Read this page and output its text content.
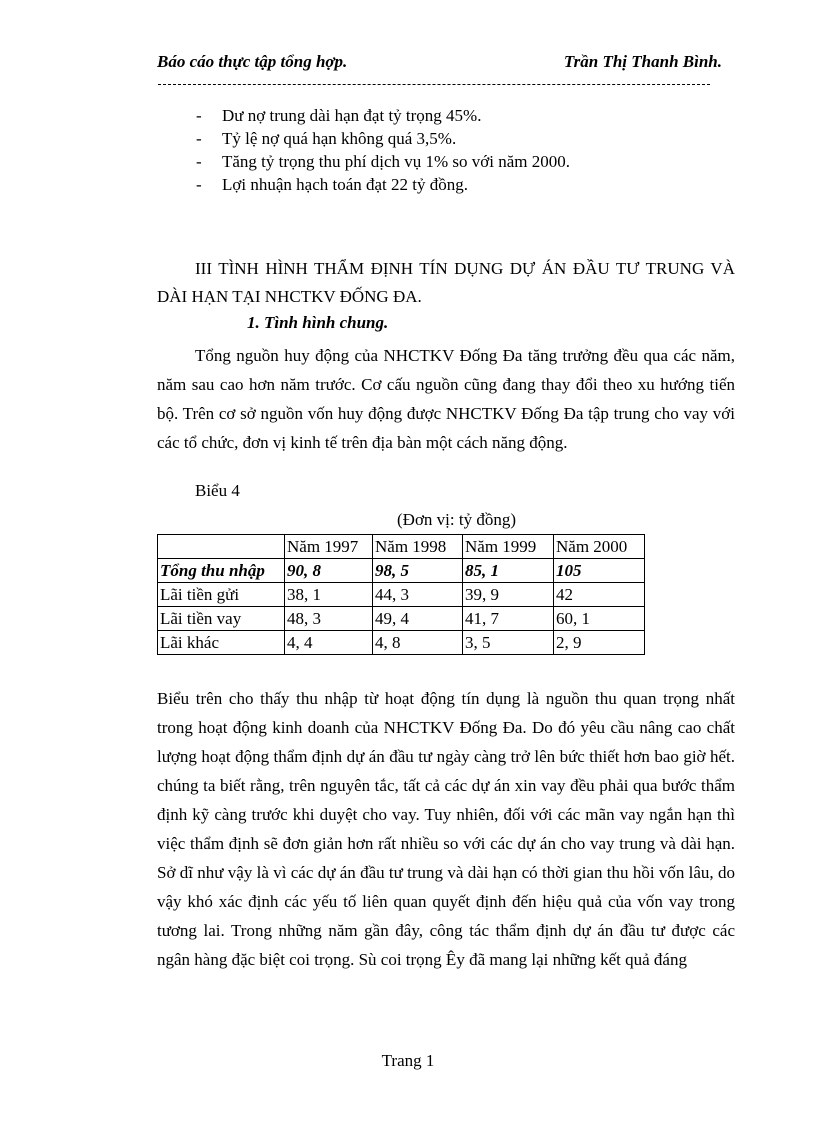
Báo cáo thực tập tổng hợp.	Trần Thị Thanh Bình.
- Dư nợ trung dài hạn đạt tỷ trọng 45%.
- Tỷ lệ nợ quá hạn không quá 3,5%.
- Tăng tỷ trọng thu phí dịch vụ 1% so với năm 2000.
- Lợi nhuận hạch toán đạt 22 tỷ đồng.
III TÌNH HÌNH THẨM ĐỊNH TÍN DỤNG DỰ ÁN ĐẦU TƯ TRUNG VÀ DÀI HẠN TẠI NHCTKV ĐỐNG ĐA.
1. Tình hình chung.

Tổng nguồn huy động của NHCTKV Đống Đa tăng trưởng đều qua các năm, năm sau cao hơn năm trước. Cơ cấu nguồn cũng đang thay đổi theo xu hướng tiến bộ. Trên cơ sở nguồn vốn huy động được NHCTKV Đống Đa tập trung cho vay với các tổ chức, đơn vị kinh tế trên địa bàn một cách năng động.

Biểu 4
(Đơn vị: tỷ đồng)
	Năm 1997	Năm 1998	Năm 1999	Năm 2000
Tổng thu nhập	90, 8	98, 5	85, 1	105
Lãi tiền gửi	38, 1	44, 3	39, 9	42
Lãi tiền vay	48, 3	49, 4	41, 7	60, 1
Lãi khác	4, 4	4, 8	3, 5	2, 9

Biểu trên cho thấy thu nhập từ hoạt động tín dụng là nguồn thu quan trọng nhất trong hoạt động kinh doanh của NHCTKV Đống Đa. Do đó yêu cầu nâng cao chất lượng hoạt động thẩm định dự án đầu tư ngày càng trở lên bức thiết hơn bao giờ hết. chúng ta biết rằng, trên nguyên tắc, tất cả các dự án xin vay đều phải qua bước thẩm định kỹ càng trước khi duyệt cho vay. Tuy nhiên, đối với các mãn vay ngắn hạn thì việc thẩm định sẽ đơn giản hơn rất nhiều so với các dự án cho vay trung và dài hạn. Sở dĩ như vậy là vì các dự án đầu tư trung và dài hạn có thời gian thu hồi vốn lâu, do vậy khó xác định các yếu tố liên quan quyết định đến hiệu quả của vốn vay trong tương lai. Trong những năm gần đây, công tác thẩm định dự án đầu tư được các ngân hàng đặc biệt coi trọng. Sù coi trọng Êy đã mang lại những kết quả đáng

Trang 1
